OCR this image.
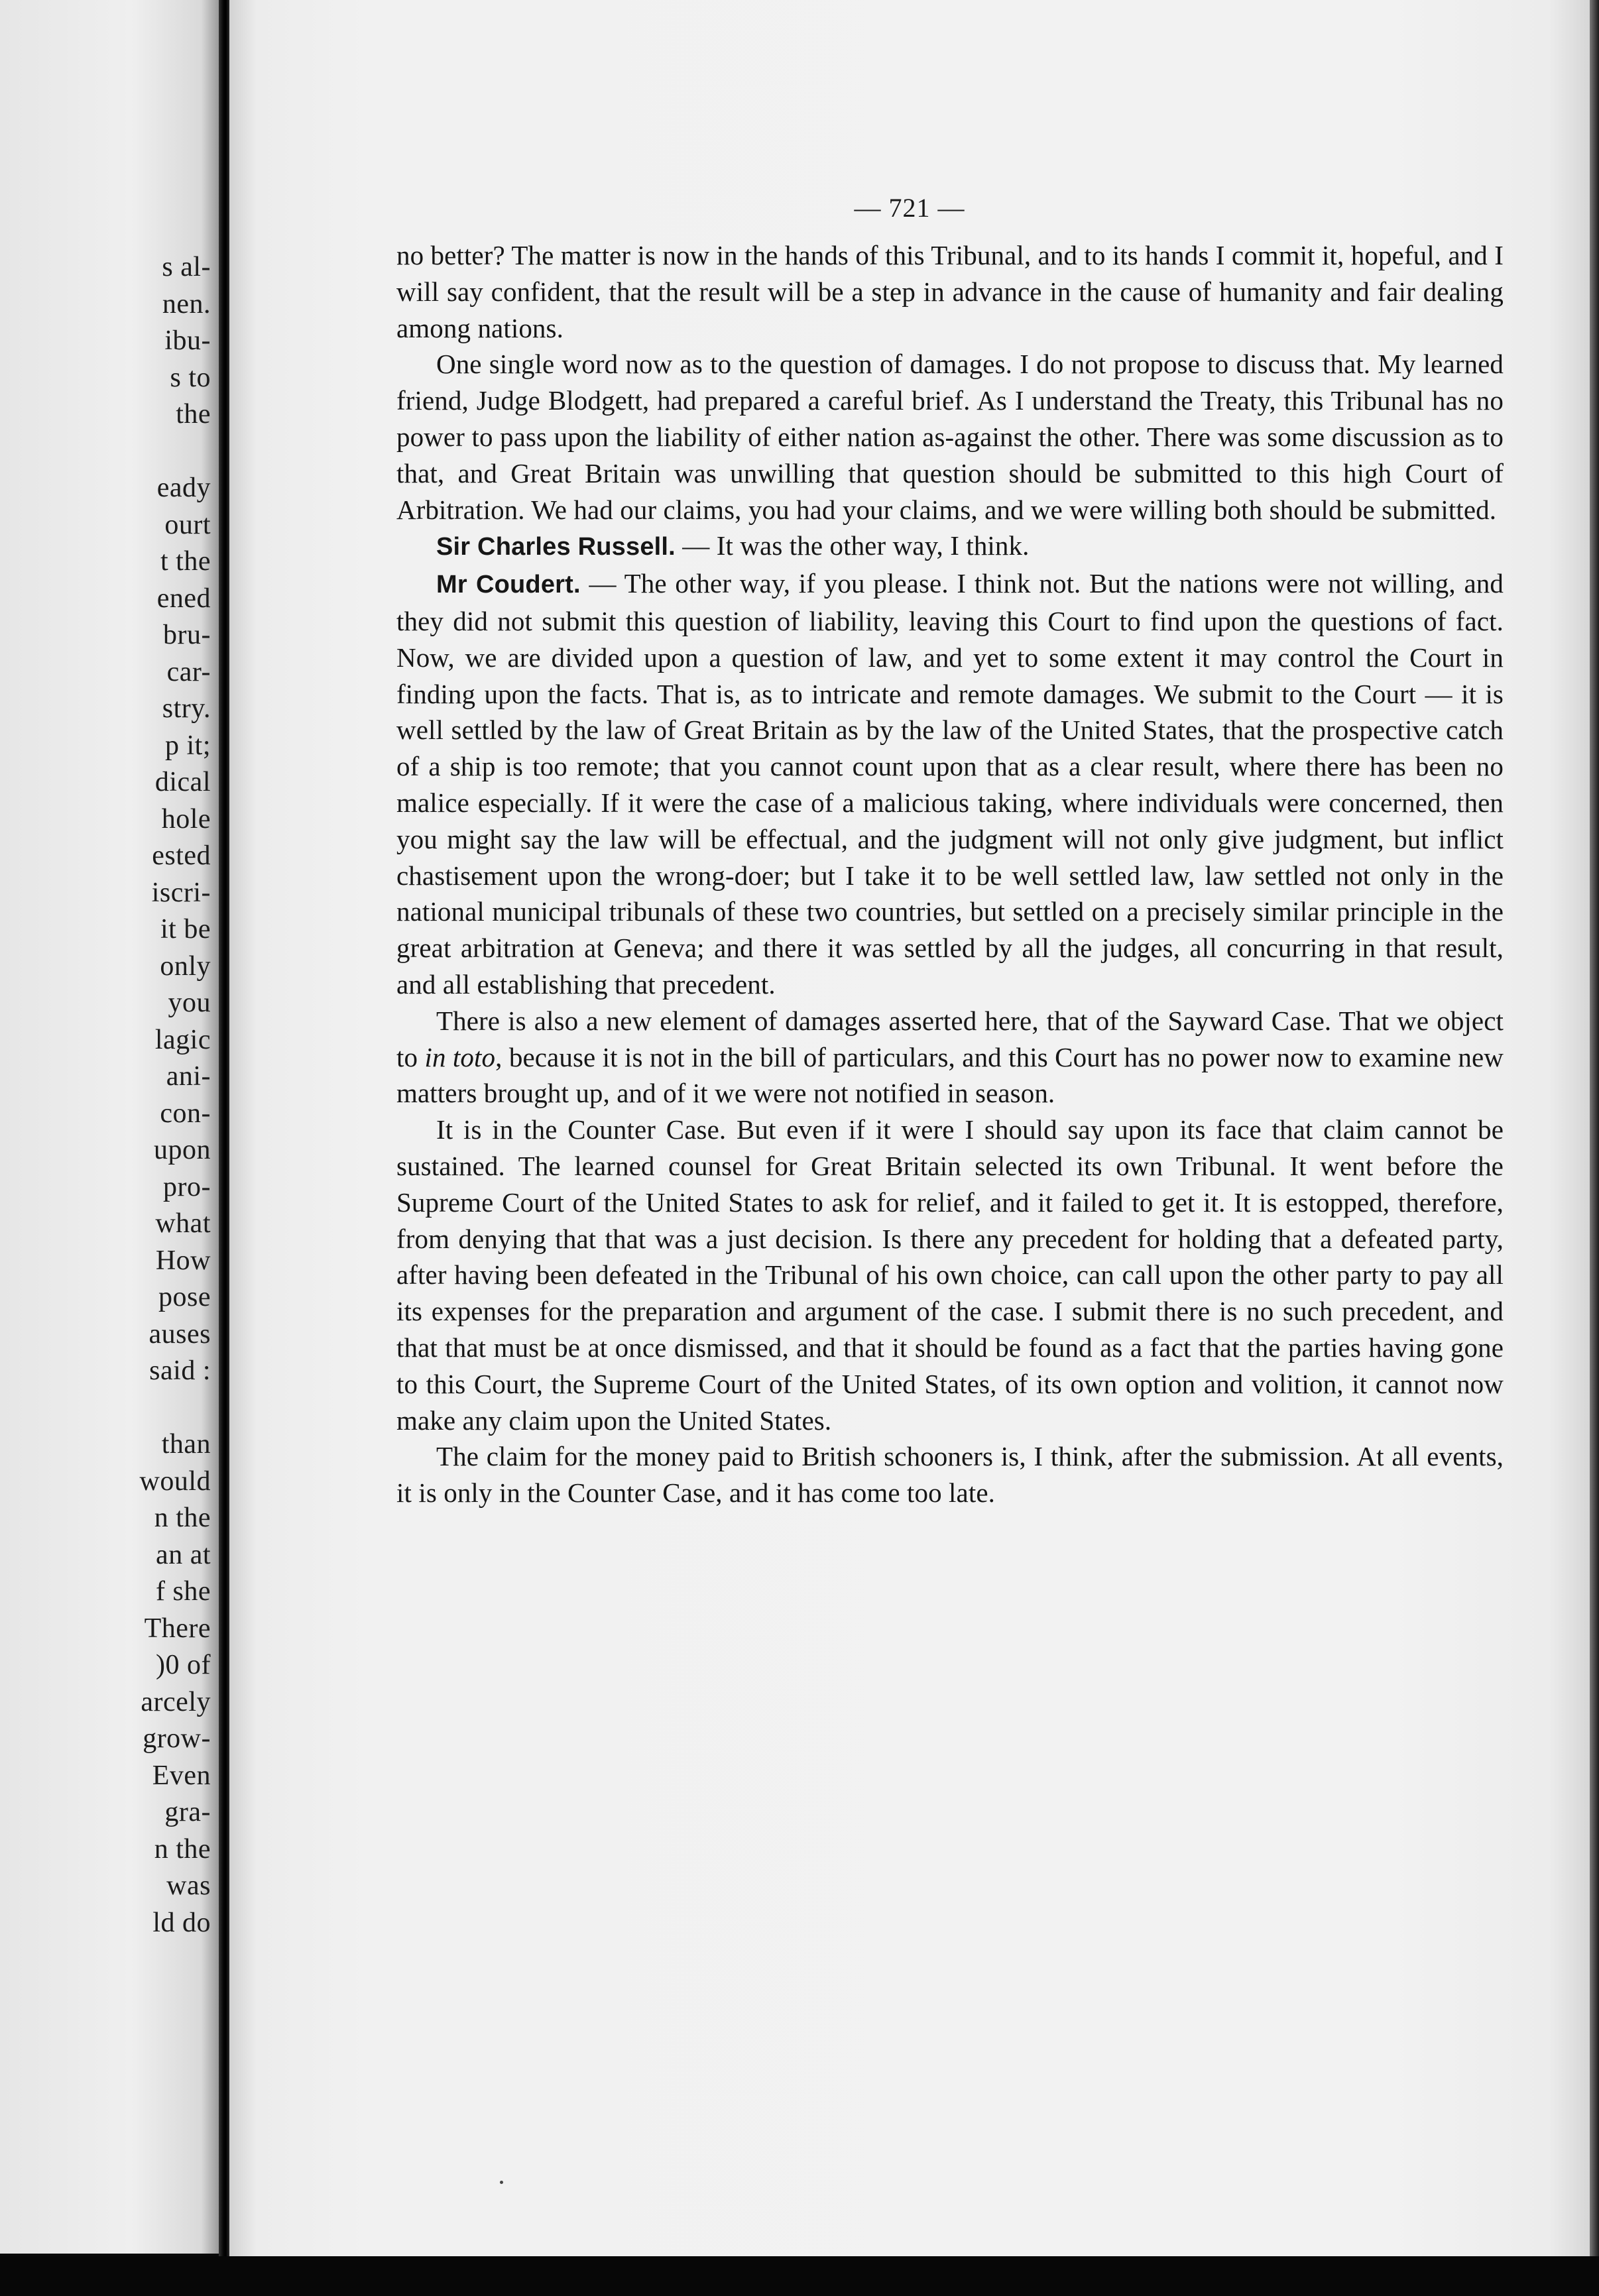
s al-
nen.
ibu-
s to
the
eady
ourt
t the
ened
bru-
car-
stry.
p it;
dical
hole
ested
iscri-
it be
only
you
lagic
ani-
con-
upon
pro-
what
How
pose
auses
said :
than
would
n the
an at
f she
There
)0 of
arcely
grow-
Even
gra-
n the
was
ld do
— 721 —

no better? The matter is now in the hands of this Tribunal, and to its hands I commit it, hopeful, and I will say confident, that the result will be a step in advance in the cause of humanity and fair dealing among nations.

One single word now as to the question of damages. I do not propose to discuss that. My learned friend, Judge Blodgett, had prepared a careful brief. As I understand the Treaty, this Tribunal has no power to pass upon the liability of either nation as-against the other. There was some discussion as to that, and Great Britain was unwilling that question should be submitted to this high Court of Arbitration. We had our claims, you had your claims, and we were willing both should be submitted.

Sir Charles Russell. — It was the other way, I think.

Mr Coudert. — The other way, if you please. I think not. But the nations were not willing, and they did not submit this question of liability, leaving this Court to find upon the questions of fact. Now, we are divided upon a question of law, and yet to some extent it may control the Court in finding upon the facts. That is, as to intricate and remote damages. We submit to the Court — it is well settled by the law of Great Britain as by the law of the United States, that the prospective catch of a ship is too remote; that you cannot count upon that as a clear result, where there has been no malice especially. If it were the case of a malicious taking, where individuals were concerned, then you might say the law will be effectual, and the judgment will not only give judgment, but inflict chastisement upon the wrong-doer; but I take it to be well settled law, law settled not only in the national municipal tribunals of these two countries, but settled on a precisely similar principle in the great arbitration at Geneva; and there it was settled by all the judges, all concurring in that result, and all establishing that precedent.

There is also a new element of damages asserted here, that of the Sayward Case. That we object to in toto, because it is not in the bill of particulars, and this Court has no power now to examine new matters brought up, and of it we were not notified in season.

It is in the Counter Case. But even if it were I should say upon its face that claim cannot be sustained. The learned counsel for Great Britain selected its own Tribunal. It went before the Supreme Court of the United States to ask for relief, and it failed to get it. It is estopped, therefore, from denying that that was a just decision. Is there any precedent for holding that a defeated party, after having been defeated in the Tribunal of his own choice, can call upon the other party to pay all its expenses for the preparation and argument of the case. I submit there is no such precedent, and that that must be at once dismissed, and that it should be found as a fact that the parties having gone to this Court, the Supreme Court of the United States, of its own option and volition, it cannot now make any claim upon the United States.

The claim for the money paid to British schooners is, I think, after the submission. At all events, it is only in the Counter Case, and it has come too late.
